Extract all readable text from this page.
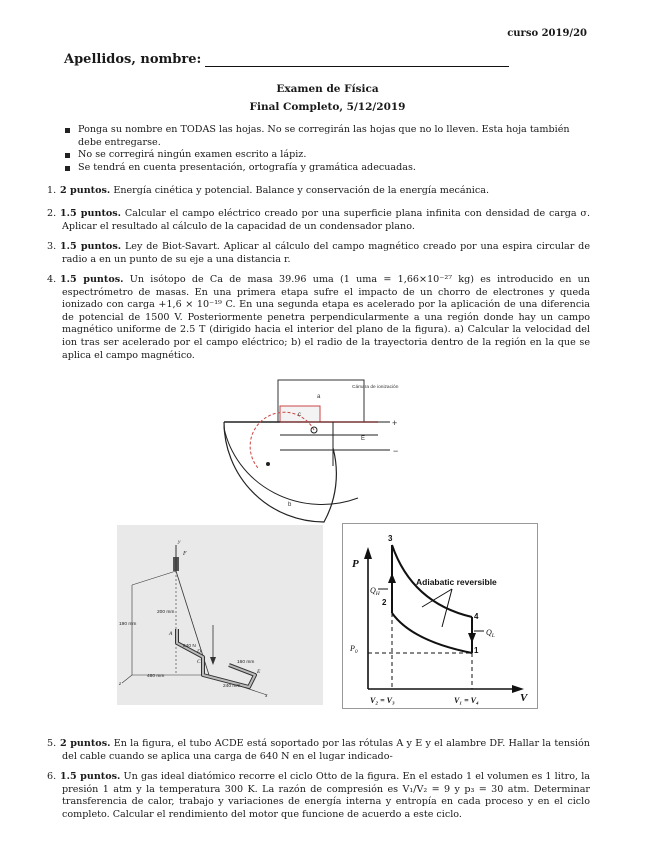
curso 2019/20
Apellidos, nombre:
Examen de Física
Final Completo, 5/12/2019
Ponga su nombre en TODAS las hojas. No se corregirán las hojas que no lo lleven. Esta hoja también debe entregarse.
No se corregirá ningún examen escrito a lápiz.
Se tendrá en cuenta presentación, ortografía y gramática adecuadas.
1. 2 puntos. Energía cinética y potencial. Balance y conservación de la energía mecánica.
2. 1.5 puntos. Calcular el campo eléctrico creado por una superficie plana infinita con densidad de carga σ. Aplicar el resultado al cálculo de la capacidad de un condensador plano.
3. 1.5 puntos. Ley de Biot-Savart. Aplicar al cálculo del campo magnético creado por una espira circular de radio a en un punto de su eje a una distancia r.
4. 1.5 puntos. Un isótopo de Ca de masa 39.96 uma (1 uma = 1,66×10⁻²⁷ kg) es introducido en un espectrómetro de masas. En una primera etapa sufre el impacto de un chorro de electrones y queda ionizado con carga +1,6 × 10⁻¹⁹ C. En una segunda etapa es acelerado por la aplicación de una diferencia de potencial de 1500 V. Posteriormente penetra perpendicularmente a una región donde hay un campo magnético uniforme de 2.5 T (dirigido hacia el interior del plano de la figura). a) Calcular la velocidad del ion tras ser acelerado por el campo eléctrico; b) el radio de la trayectoria dentro de la región en la que se aplica el campo magnético.
a
c
b
E
+
−
Cámara de ionización
F
200 mm
190 mm
160 mm
480 mm
240 mm
640 N
A
C
D
E
z
x
y
P
V
Adiabatic reversible
$Q_H$
$Q_L$
$P_0$
V₂ = V₃	V₁ = V₄
1
2
3
4
5. 2 puntos. En la figura, el tubo ACDE está soportado por las rótulas A y E y el alambre DF. Hallar la tensión del cable cuando se aplica una carga de 640 N en el lugar indicado-
6. 1.5 puntos. Un gas ideal diatómico recorre el ciclo Otto de la figura. En el estado 1 el volumen es 1 litro, la presión 1 atm y la temperatura 300 K. La razón de compresión es V₁/V₂ = 9 y p₃ = 30 atm. Determinar transferencia de calor, trabajo y variaciones de energía interna y entropía en cada proceso y en el ciclo completo. Calcular el rendimiento del motor que funcione de acuerdo a este ciclo.
